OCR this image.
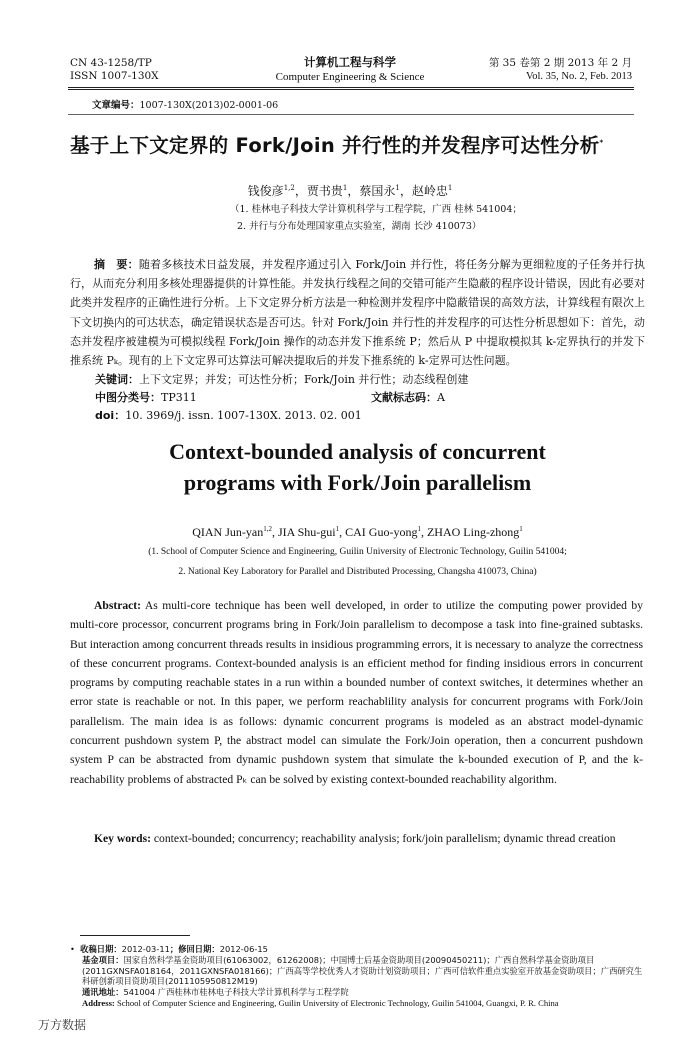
CN 43-1258/TP
ISSN 1007-130X
计算机工程与科学
Computer Engineering & Science
第 35 卷第 2 期 2013 年 2 月
Vol. 35, No. 2, Feb. 2013
文章编号：1007-130X(2013)02-0001-06
基于上下文定界的 Fork/Join 并行性的并发程序可达性分析*
钱俊彦$^{1,2}$，贾书贵$^1$，蔡国永$^1$，赵岭忠$^1$
（1. 桂林电子科技大学计算机科学与工程学院，广西 桂林 541004；
2. 并行与分布处理国家重点实验室，湖南 长沙 410073）
摘　要：随着多核技术日益发展，并发程序通过引入 Fork/Join 并行性，将任务分解为更细粒度的子任务并行执行，从而充分利用多核处理器提供的计算性能。并发执行线程之间的交错可能产生隐蔽的程序设计错误，因此有必要对此类并发程序的正确性进行分析。上下文定界分析方法是一种检测并发程序中隐蔽错误的高效方法，计算线程有限次上下文切换内的可达状态，确定错误状态是否可达。针对 Fork/Join 并行性的并发程序的可达性分析思想如下：首先，动态并发程序被建模为可模拟线程 Fork/Join 操作的动态并发下推系统 P；然后从 P 中提取模拟其 k-定界执行的并发下推系统 Pₖ。现有的上下文定界可达算法可解决提取后的并发下推系统的 k-定界可达性问题。
关键词：上下文定界；并发；可达性分析；Fork/Join 并行性；动态线程创建
中图分类号：TP311	文献标志码：A
doi：10. 3969/j. issn. 1007-130X. 2013. 02. 001
Context-bounded analysis of concurrent
programs with Fork/Join parallelism
QIAN Jun-yan$^{1,2}$, JIA Shu-gui$^1$, CAI Guo-yong$^1$, ZHAO Ling-zhong$^1$
(1. School of Computer Science and Engineering, Guilin University of Electronic Technology, Guilin 541004;
2. National Key Laboratory for Parallel and Distributed Processing, Changsha 410073, China)
Abstract: As multi-core technique has been well developed, in order to utilize the computing power provided by multi-core processor, concurrent programs bring in Fork/Join parallelism to decompose a task into fine-grained subtasks. But interaction among concurrent threads results in insidious programming errors, it is necessary to analyze the correctness of these concurrent programs. Context-bounded analysis is an efficient method for finding insidious errors in concurrent programs by computing reachable states in a run within a bounded number of context switches, it determines whether an error state is reachable or not. In this paper, we perform reachablility analysis for concurrent programs with Fork/Join parallelism. The main idea is as follows: dynamic concurrent programs is modeled as an abstract model-dynamic concurrent pushdown system P, the abstract model can simulate the Fork/Join operation, then a concurrent pushdown system P can be abstracted from dynamic pushdown system that simulate the k-bounded execution of P, and the k-reachability problems of abstracted Pₖ can be solved by existing context-bounded reachability algorithm.
Key words: context-bounded; concurrency; reachability analysis; fork/join parallelism; dynamic thread creation
•  收稿日期：2012-03-11；修回日期：2012-06-15
基金项目：国家自然科学基金资助项目(61063002，61262008)；中国博士后基金资助项目(20090450211)；广西自然科学基金资助项目(2011GXNSFA018164，2011GXNSFA018166)；广西高等学校优秀人才资助计划资助项目；广西可信软件重点实验室开放基金资助项目；广西研究生科研创新项目资助项目(2011105950812M19)
通讯地址：541004 广西桂林市桂林电子科技大学计算机科学与工程学院
Address: School of Computer Science and Engineering, Guilin University of Electronic Technology, Guilin 541004, Guangxi, P. R. China
万方数据
